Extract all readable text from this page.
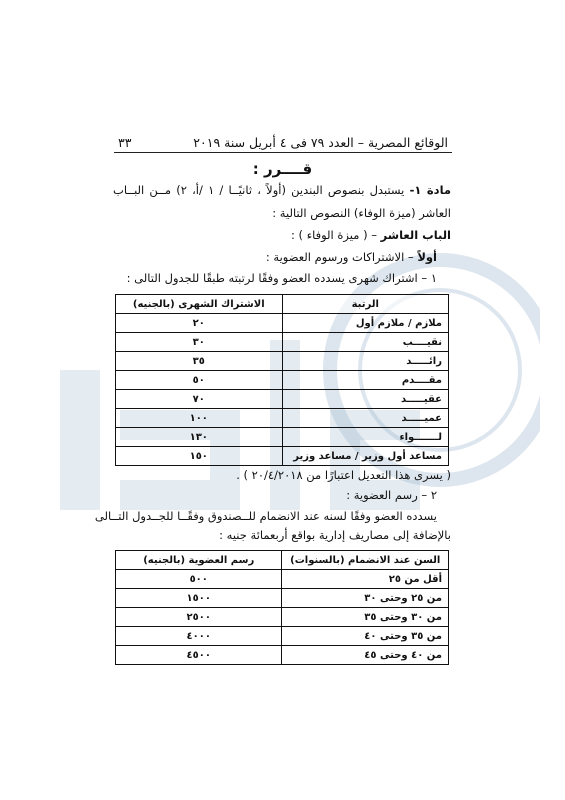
الوقائع المصرية – العدد ٧٩ فى ٤ أبريل سنة ٢٠١٩
٣٣
قــــرر :
مادة ١- يستبدل بنصوص البندين (أولاً ، ثانيًــا / ١ /أ، ٢) مــن البــاب
العاشر (ميزة الوفاء) النصوص التالية :
الباب العاشر – ( ميزة الوفاء ) :
أولاً – الاشتراكات ورسوم العضوية :
١ – اشتراك شهرى يسدده العضو وفقًا لرتبته طبقًا للجدول التالى :
الرتبة	الاشتراك الشهرى (بالجنيه)
ملازم / ملازم أول	٢٠
نقيــــب	٣٠
رائـــــد	٣٥
مقــــدم	٥٠
عقيـــــد	٧٠
عميـــــد	١٠٠
لـــــــواء	١٣٠
مساعد أول وزير / مساعد وزير	١٥٠
( يسرى هذا التعديل اعتبارًا من ٢٠/٤/٢٠١٨ ) .
٢ – رسم العضوية :
يسدده العضو وفقًا لسنه عند الانضمام للــصندوق وفقًــا للجــدول التــالى
بالإضافة إلى مصاريف إدارية بواقع أربعمائة جنيه :
السن عند الانضمام (بالسنوات)	رسم العضوية (بالجنيه)
أقل من ٢٥	٥٠٠
من ٢٥ وحتى ٣٠	١٥٠٠
من ٣٠ وحتى ٣٥	٢٥٠٠
من ٣٥ وحتى ٤٠	٤٠٠٠
من ٤٠ وحتى ٤٥	٤٥٠٠
